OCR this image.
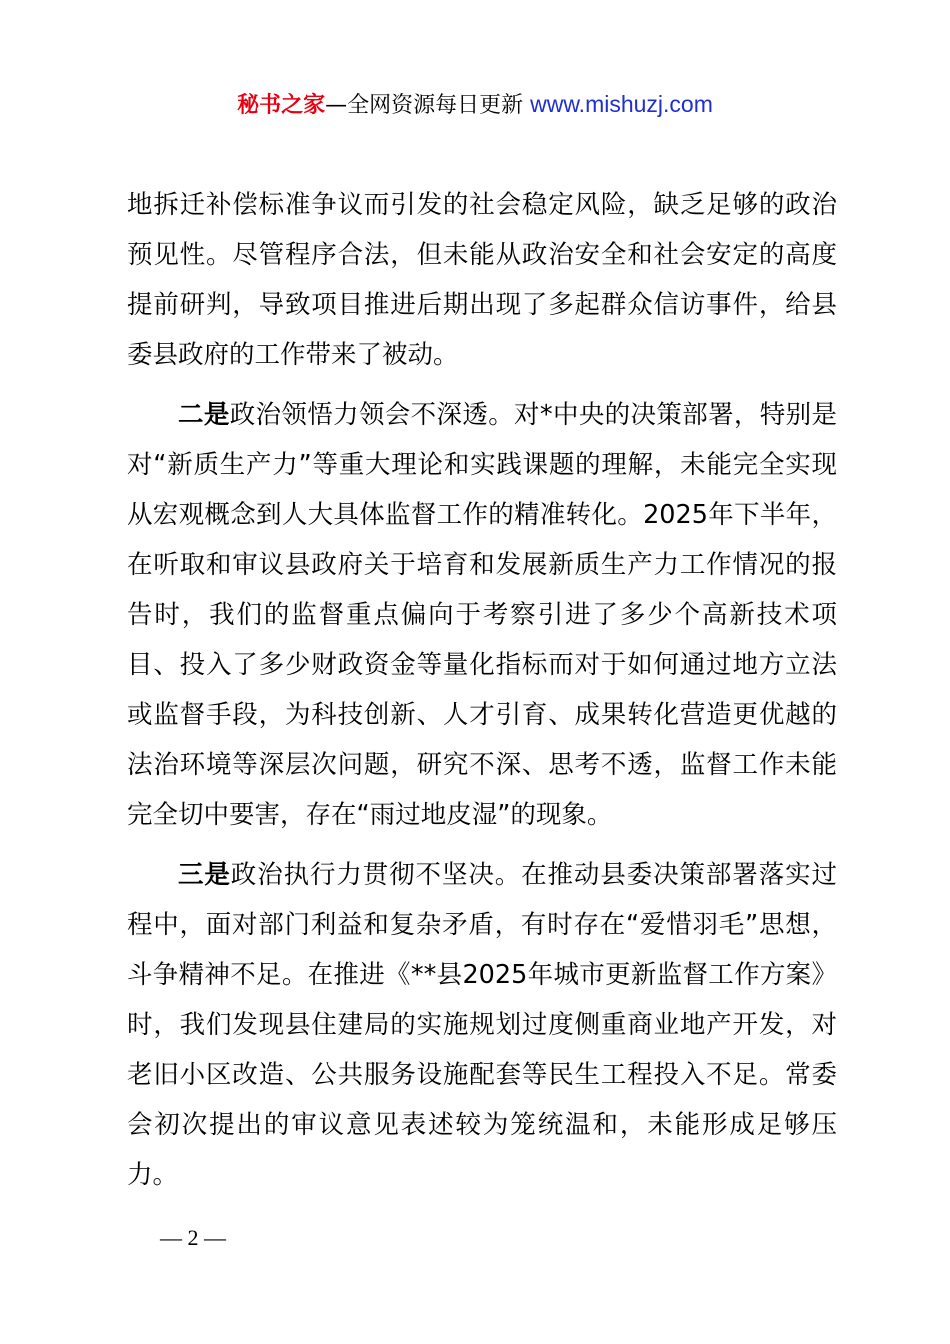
秘书之家—全网资源每日更新 www.mishuzj.com

地拆迁补偿标准争议而引发的社会稳定风险，缺乏足够的政治预见性。尽管程序合法，但未能从政治安全和社会安定的高度提前研判，导致项目推进后期出现了多起群众信访事件，给县委县政府的工作带来了被动。

二是政治领悟力领会不深透。对*中央的决策部署，特别是对“新质生产力”等重大理论和实践课题的理解，未能完全实现从宏观概念到人大具体监督工作的精准转化。2025年下半年，在听取和审议县政府关于培育和发展新质生产力工作情况的报告时，我们的监督重点偏向于考察引进了多少个高新技术项目、投入了多少财政资金等量化指标而对于如何通过地方立法或监督手段，为科技创新、人才引育、成果转化营造更优越的法治环境等深层次问题，研究不深、思考不透，监督工作未能完全切中要害，存在“雨过地皮湿”的现象。

三是政治执行力贯彻不坚决。在推动县委决策部署落实过程中，面对部门利益和复杂矛盾，有时存在“爱惜羽毛”思想，斗争精神不足。在推进《**县2025年城市更新监督工作方案》时，我们发现县住建局的实施规划过度侧重商业地产开发，对老旧小区改造、公共服务设施配套等民生工程投入不足。常委会初次提出的审议意见表述较为笼统温和，未能形成足够压力。

— 2 —
